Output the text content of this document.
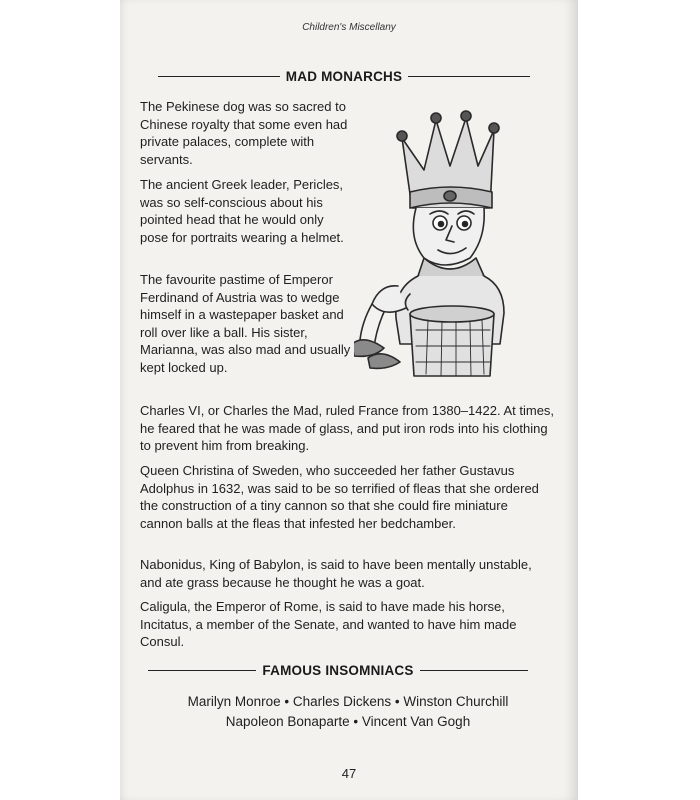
Children's Miscellany
MAD MONARCHS

The Pekinese dog was so sacred to Chinese royalty that some even had private palaces, complete with servants.

The ancient Greek leader, Pericles, was so self-conscious about his pointed head that he would only pose for portraits wearing a helmet.

The favourite pastime of Emperor Ferdinand of Austria was to wedge himself in a wastepaper basket and roll over like a ball. His sister, Marianna, was also mad and usually kept locked up.

Charles VI, or Charles the Mad, ruled France from 1380–1422. At times, he feared that he was made of glass, and put iron rods into his clothing to prevent him from breaking.

Queen Christina of Sweden, who succeeded her father Gustavus Adolphus in 1632, was said to be so terrified of fleas that she ordered the construction of a tiny cannon so that she could fire miniature cannon balls at the fleas that infested her bedchamber.

Nabonidus, King of Babylon, is said to have been mentally unstable, and ate grass because he thought he was a goat.

Caligula, the Emperor of Rome, is said to have made his horse, Incitatus, a member of the Senate, and wanted to have him made Consul.

FAMOUS INSOMNIACS
Marilyn Monroe • Charles Dickens • Winston Churchill
Napoleon Bonaparte • Vincent Van Gogh
47
